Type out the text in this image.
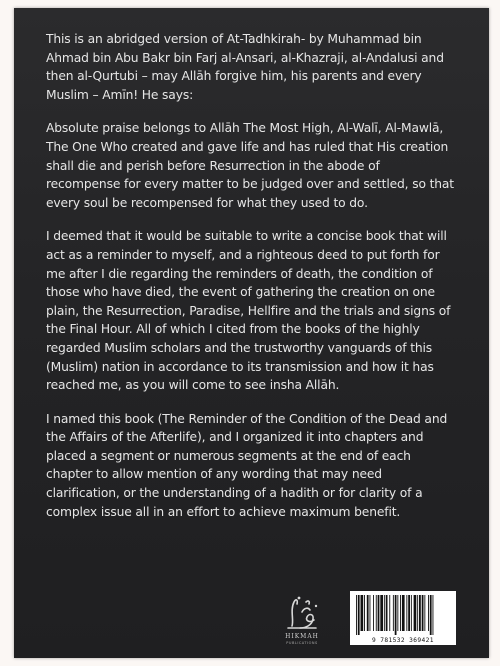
This is an abridged version of At-Tadhkirah- by Muhammad bin Ahmad bin Abu Bakr bin Farj al-Ansari, al-Khazraji, al-Andalusi and then al-Qurtubi – may Allāh forgive him, his parents and every Muslim – Amīn! He says:

Absolute praise belongs to Allāh The Most High, Al-Walī, Al-Mawlā, The One Who created and gave life and has ruled that His creation shall die and perish before Resurrection in the abode of recompense for every matter to be judged over and settled, so that every soul be recompensed for what they used to do.

I deemed that it would be suitable to write a concise book that will act as a reminder to myself, and a righteous deed to put forth for me after I die regarding the reminders of death, the condition of those who have died, the event of gathering the creation on one plain, the Resurrection, Paradise, Hellfire and the trials and signs of the Final Hour. All of which I cited from the books of the highly regarded Muslim scholars and the trustworthy vanguards of this (Muslim) nation in accordance to its transmission and how it has reached me, as you will come to see insha Allāh.

I named this book (The Reminder of the Condition of the Dead and the Affairs of the Afterlife), and I organized it into chapters and placed a segment or numerous segments at the end of each chapter to allow mention of any wording that may need clarification, or the understanding of a hadith or for clarity of a complex issue all in an effort to achieve maximum benefit.

HIKMAH
PUBLICATIONS	9 781532 369421
